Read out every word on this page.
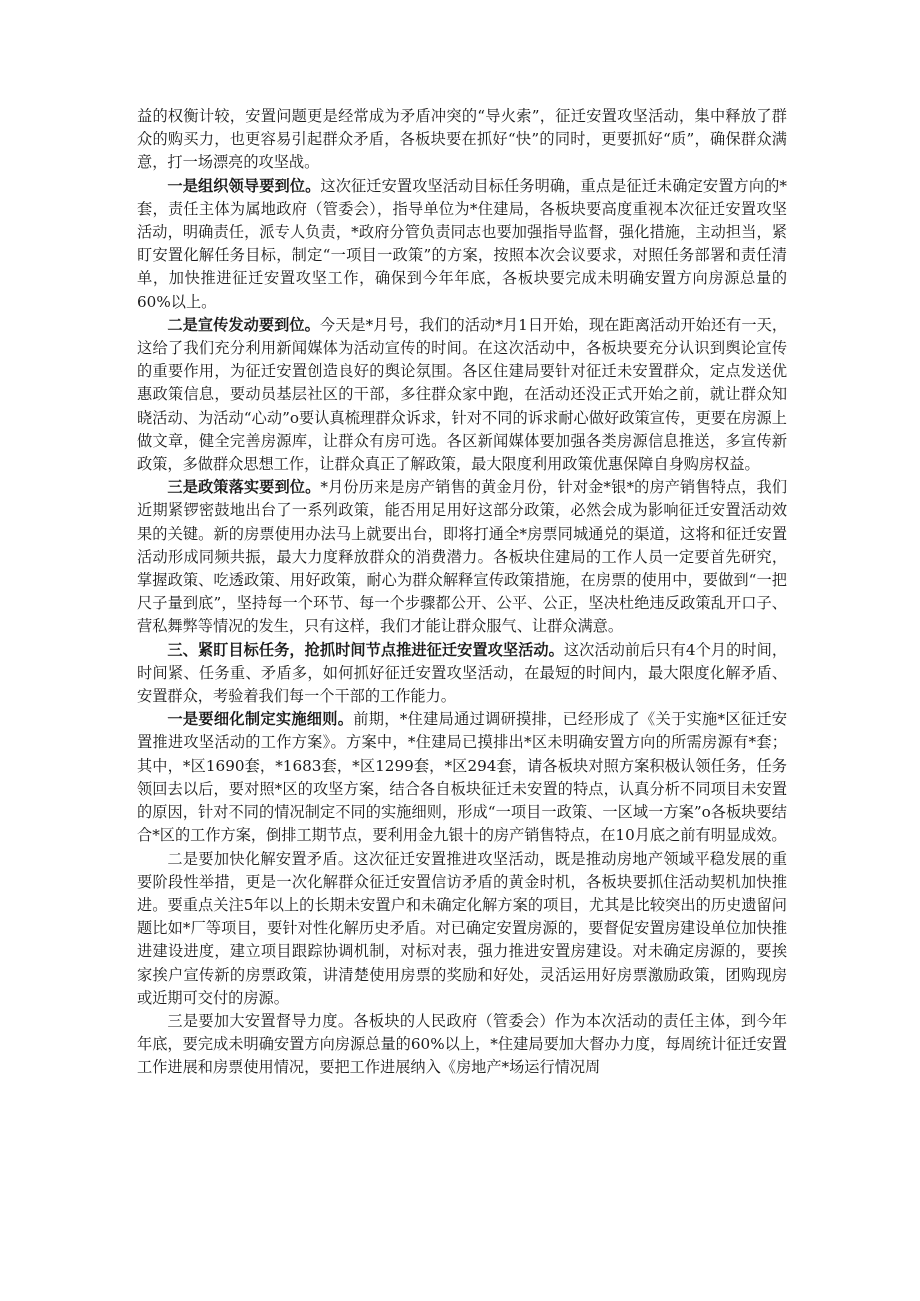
益的权衡计较，安置问题更是经常成为矛盾冲突的“导火索”，征迁安置攻坚活动，集中释放了群众的购买力，也更容易引起群众矛盾，各板块要在抓好“快”的同时，更要抓好“质”，确保群众满意，打一场漂亮的攻坚战。

一是组织领导要到位。这次征迁安置攻坚活动目标任务明确，重点是征迁未确定安置方向的*套，责任主体为属地政府（管委会），指导单位为*住建局，各板块要高度重视本次征迁安置攻坚活动，明确责任，派专人负责，*政府分管负责同志也要加强指导监督，强化措施，主动担当，紧盯安置化解任务目标，制定“一项目一政策”的方案，按照本次会议要求，对照任务部署和责任清单，加快推进征迁安置攻坚工作，确保到今年年底，各板块要完成未明确安置方向房源总量的60%以上。

二是宣传发动要到位。今天是*月号，我们的活动*月1日开始，现在距离活动开始还有一天，这给了我们充分利用新闻媒体为活动宣传的时间。在这次活动中，各板块要充分认识到舆论宣传的重要作用，为征迁安置创造良好的舆论氛围。各区住建局要针对征迁未安置群众，定点发送优惠政策信息，要动员基层社区的干部，多往群众家中跑，在活动还没正式开始之前，就让群众知晓活动、为活动“心动”o要认真梳理群众诉求，针对不同的诉求耐心做好政策宣传，更要在房源上做文章，健全完善房源库，让群众有房可选。各区新闻媒体要加强各类房源信息推送，多宣传新政策，多做群众思想工作，让群众真正了解政策，最大限度利用政策优惠保障自身购房权益。

三是政策落实要到位。*月份历来是房产销售的黄金月份，针对金*银*的房产销售特点，我们近期紧锣密鼓地出台了一系列政策，能否用足用好这部分政策，必然会成为影响征迁安置活动效果的关键。新的房票使用办法马上就要出台，即将打通全*房票同城通兑的渠道，这将和征迁安置活动形成同频共振，最大力度释放群众的消费潜力。各板块住建局的工作人员一定要首先研究，掌握政策、吃透政策、用好政策，耐心为群众解释宣传政策措施，在房票的使用中，要做到“一把尺子量到底”，坚持每一个环节、每一个步骤都公开、公平、公正，坚决杜绝违反政策乱开口子、营私舞弊等情况的发生，只有这样，我们才能让群众服气、让群众满意。

三、紧盯目标任务，抢抓时间节点推进征迁安置攻坚活动。这次活动前后只有4个月的时间，时间紧、任务重、矛盾多，如何抓好征迁安置攻坚活动，在最短的时间内，最大限度化解矛盾、安置群众，考验着我们每一个干部的工作能力。

一是要细化制定实施细则。前期，*住建局通过调研摸排，已经形成了《关于实施*区征迁安置推进攻坚活动的工作方案》。方案中，*住建局已摸排出*区未明确安置方向的所需房源有*套；其中，*区1690套，*1683套，*区1299套，*区294套，请各板块对照方案积极认领任务，任务领回去以后，要对照*区的攻坚方案，结合各自板块征迁未安置的特点，认真分析不同项目未安置的原因，针对不同的情况制定不同的实施细则，形成“一项目一政策、一区域一方案”o各板块要结合*区的工作方案，倒排工期节点，要利用金九银十的房产销售特点，在10月底之前有明显成效。

二是要加快化解安置矛盾。这次征迁安置推进攻坚活动，既是推动房地产领域平稳发展的重要阶段性举措，更是一次化解群众征迁安置信访矛盾的黄金时机，各板块要抓住活动契机加快推进。要重点关注5年以上的长期未安置户和未确定化解方案的项目，尤其是比较突出的历史遗留问题比如*厂等项目，要针对性化解历史矛盾。对已确定安置房源的，要督促安置房建设单位加快推进建设进度，建立项目跟踪协调机制，对标对表，强力推进安置房建设。对未确定房源的，要挨家挨户宣传新的房票政策，讲清楚使用房票的奖励和好处，灵活运用好房票激励政策，团购现房或近期可交付的房源。

三是要加大安置督导力度。各板块的人民政府（管委会）作为本次活动的责任主体，到今年年底，要完成未明确安置方向房源总量的60%以上，*住建局要加大督办力度，每周统计征迁安置工作进展和房票使用情况，要把工作进展纳入《房地产*场运行情况周
